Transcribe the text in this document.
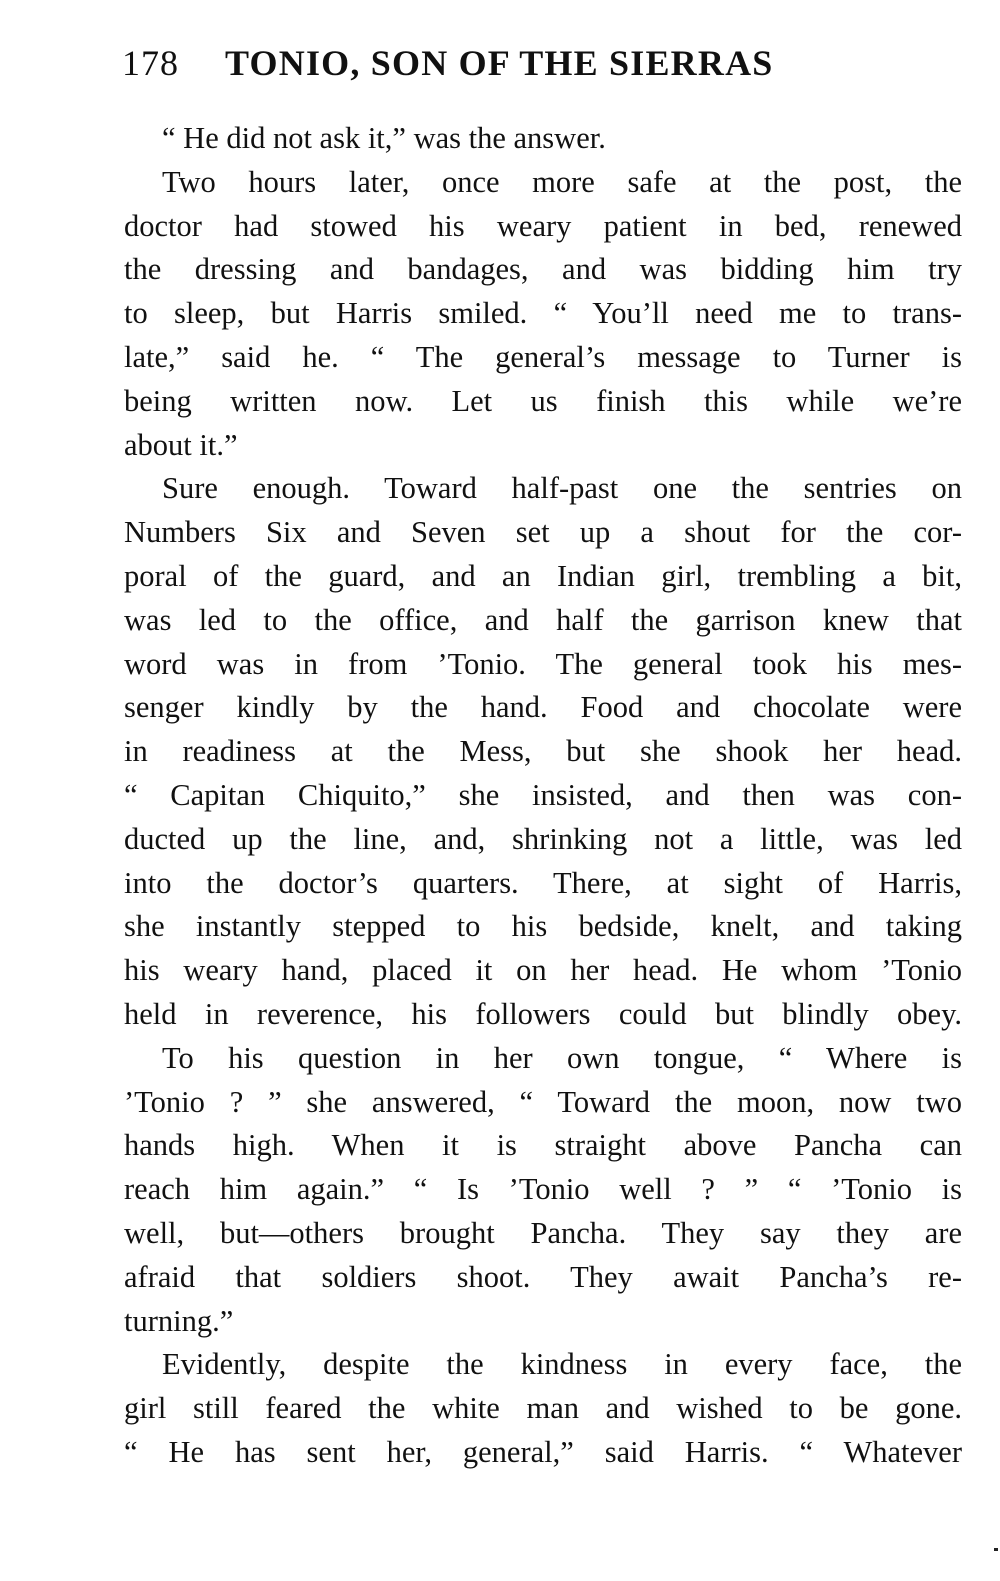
178 TONIO, SON OF THE SIERRAS
“ He did not ask it,” was the answer.
Two hours later, once more safe at the post, the
doctor had stowed his weary patient in bed, renewed
the dressing and bandages, and was bidding him try
to sleep, but Harris smiled. “ You’ll need me to trans-
late,” said he. “ The general’s message to Turner is
being written now. Let us finish this while we’re
about it.”
Sure enough. Toward half-past one the sentries on
Numbers Six and Seven set up a shout for the cor-
poral of the guard, and an Indian girl, trembling a bit,
was led to the office, and half the garrison knew that
word was in from ’Tonio. The general took his mes-
senger kindly by the hand. Food and chocolate were
in readiness at the Mess, but she shook her head.
“ Capitan Chiquito,” she insisted, and then was con-
ducted up the line, and, shrinking not a little, was led
into the doctor’s quarters. There, at sight of Harris,
she instantly stepped to his bedside, knelt, and taking
his weary hand, placed it on her head. He whom ’Tonio
held in reverence, his followers could but blindly obey.
To his question in her own tongue, “ Where is
’Tonio ? ” she answered, “ Toward the moon, now two
hands high. When it is straight above Pancha can
reach him again.” “ Is ’Tonio well ? ” “ ’Tonio is
well, but—others brought Pancha. They say they are
afraid that soldiers shoot. They await Pancha’s re-
turning.”
Evidently, despite the kindness in every face, the
girl still feared the white man and wished to be gone.
“ He has sent her, general,” said Harris. “ Whatever
